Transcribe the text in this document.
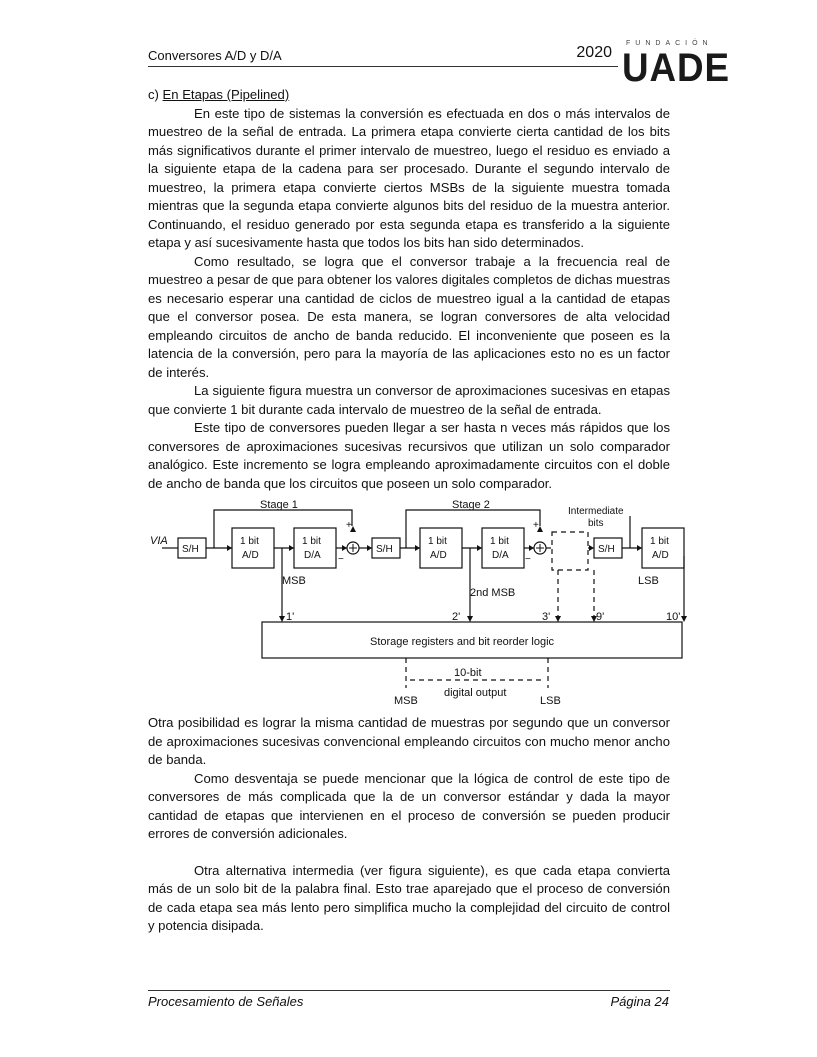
Conversores A/D y D/A	2020
FUNDACIÓN
UADE

c) En Etapas (Pipelined)

En este tipo de sistemas la conversión es efectuada en dos o más intervalos de muestreo de la señal de entrada. La primera etapa convierte cierta cantidad de los bits más significativos durante el primer intervalo de muestreo, luego el residuo es enviado a la siguiente etapa de la cadena para ser procesado. Durante el segundo intervalo de muestreo, la primera etapa convierte ciertos MSBs de la siguiente muestra tomada mientras que la segunda etapa convierte algunos bits del residuo de la muestra anterior. Continuando, el residuo generado por esta segunda etapa es transferido a la siguiente etapa y así sucesivamente hasta que todos los bits han sido determinados.

Como resultado, se logra que el conversor trabaje a la frecuencia real de muestreo a pesar de que para obtener los valores digitales completos de dichas muestras es necesario esperar una cantidad de ciclos de muestreo igual a la cantidad de etapas que el conversor posea. De esta manera, se logran conversores de alta velocidad empleando circuitos de ancho de banda reducido. El inconveniente que poseen es la latencia de la conversión, pero para la mayoría de las aplicaciones esto no es un factor de interés.

La siguiente figura muestra un conversor de aproximaciones sucesivas en etapas que convierte 1 bit durante cada intervalo de muestreo de la señal de entrada.

Este tipo de conversores pueden llegar a ser hasta n veces más rápidos que los conversores de aproximaciones sucesivas recursivos que utilizan un solo comparador analógico. Este incremento se logra empleando aproximadamente circuitos con el doble de ancho de banda que los circuitos que poseen un solo comparador.

Stage 1	Stage 2
Intermediate
bits
VIA
S/H
1 bit
A/D
1 bit
D/A
S/H
1 bit
A/D
1 bit
D/A
S/H
1 bit
A/D
+
−
+
−
MSB
2nd MSB
LSB
1'	2'	3'	9'	10'
Storage registers and bit reorder logic
10-bit
digital output
MSB	LSB

Otra posibilidad es lograr la misma cantidad de muestras por segundo que un conversor de aproximaciones sucesivas convencional empleando circuitos con mucho menor ancho de banda.

Como desventaja se puede mencionar que la lógica de control de este tipo de conversores de más complicada que la de un conversor estándar y dada la mayor cantidad de etapas que intervienen en el proceso de conversión se pueden producir errores de conversión adicionales.

Otra alternativa intermedia (ver figura siguiente), es que cada etapa convierta más de un solo bit de la palabra final. Esto trae aparejado que el proceso de conversión de cada etapa sea más lento pero simplifica mucho la complejidad del circuito de control y potencia disipada.

Procesamiento de Señales	Página 24
